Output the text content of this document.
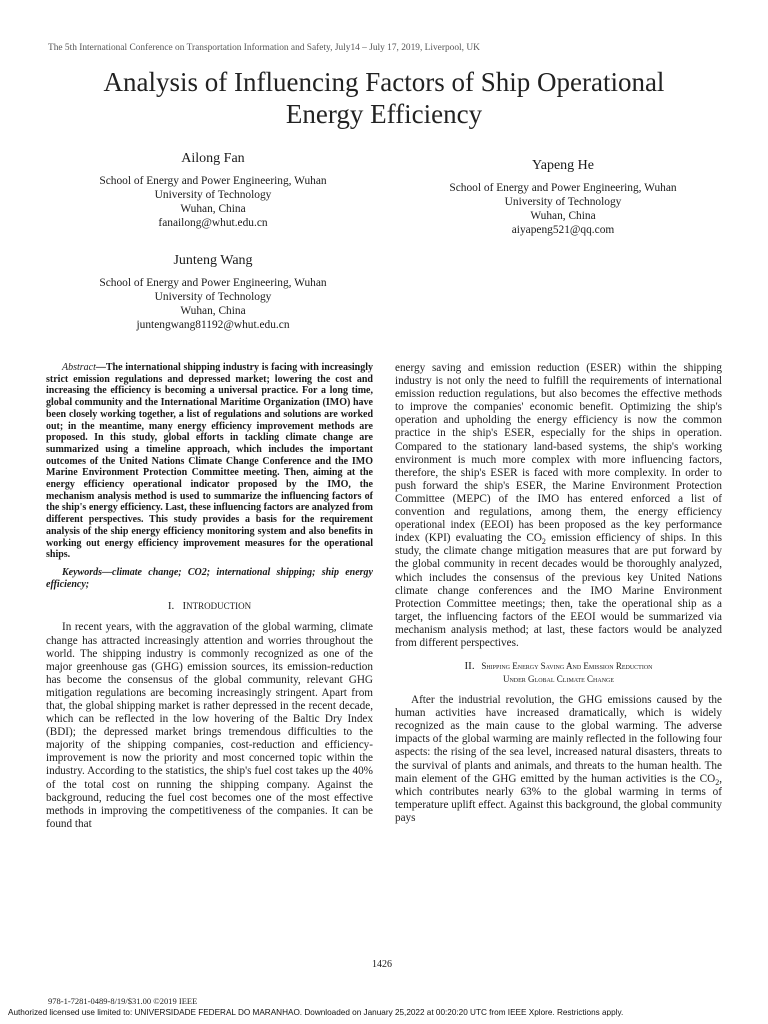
The 5th International Conference on Transportation Information and Safety, July14 – July 17, 2019, Liverpool, UK
Analysis of Influencing Factors of Ship Operational
Energy Efficiency
Ailong Fan
School of Energy and Power Engineering, Wuhan
University of Technology
Wuhan, China
fanailong@whut.edu.cn
Yapeng He
School of Energy and Power Engineering, Wuhan
University of Technology
Wuhan, China
aiyapeng521@qq.com
Junteng Wang
School of Energy and Power Engineering, Wuhan
University of Technology
Wuhan, China
juntengwang81192@whut.edu.cn

Abstract—The international shipping industry is facing with increasingly strict emission regulations and depressed market; lowering the cost and increasing the efficiency is becoming a universal practice. For a long time, global community and the International Maritime Organization (IMO) have been closely working together, a list of regulations and solutions are worked out; in the meantime, many energy efficiency improvement methods are proposed. In this study, global efforts in tackling climate change are summarized using a timeline approach, which includes the important outcomes of the United Nations Climate Change Conference and the IMO Marine Environment Protection Committee meeting. Then, aiming at the energy efficiency operational indicator proposed by the IMO, the mechanism analysis method is used to summarize the influencing factors of the ship's energy efficiency. Last, these influencing factors are analyzed from different perspectives. This study provides a basis for the requirement analysis of the ship energy efficiency monitoring system and also benefits in working out energy efficiency improvement measures for the operational ships.

Keywords—climate change; CO2; international shipping; ship energy efficiency;

I. INTRODUCTION

In recent years, with the aggravation of the global warming, climate change has attracted increasingly attention and worries throughout the world. The shipping industry is commonly recognized as one of the major greenhouse gas (GHG) emission sources, its emission-reduction has become the consensus of the global community, relevant GHG mitigation regulations are becoming increasingly stringent. Apart from that, the global shipping market is rather depressed in the recent decade, which can be reflected in the low hovering of the Baltic Dry Index (BDI); the depressed market brings tremendous difficulties to the majority of the shipping companies, cost-reduction and efficiency-improvement is now the priority and most concerned topic within the industry. According to the statistics, the ship's fuel cost takes up the 40% of the total cost on running the shipping company. Against the background, reducing the fuel cost becomes one of the most effective methods in improving the competitiveness of the companies. It can be found that

energy saving and emission reduction (ESER) within the shipping industry is not only the need to fulfill the requirements of international emission reduction regulations, but also becomes the effective methods to improve the companies' economic benefit. Optimizing the ship's operation and upholding the energy efficiency is now the common practice in the ship's ESER, especially for the ships in operation. Compared to the stationary land-based systems, the ship's working environment is much more complex with more influencing factors, therefore, the ship's ESER is faced with more complexity. In order to push forward the ship's ESER, the Marine Environment Protection Committee (MEPC) of the IMO has entered enforced a list of convention and regulations, among them, the energy efficiency operational index (EEOI) has been proposed as the key performance index (KPI) evaluating the $CO_2$ emission efficiency of ships. In this study, the climate change mitigation measures that are put forward by the global community in recent decades would be thoroughly analyzed, which includes the consensus of the previous key United Nations climate change conferences and the IMO Marine Environment Protection Committee meetings; then, take the operational ship as a target, the influencing factors of the EEOI would be summarized via mechanism analysis method; at last, these factors would be analyzed from different perspectives.

II. Shipping Energy Saving And Emission Reduction
Under Global Climate Change

After the industrial revolution, the GHG emissions caused by the human activities have increased dramatically, which is widely recognized as the main cause to the global warming. The adverse impacts of the global warming are mainly reflected in the following four aspects: the rising of the sea level, increased natural disasters, threats to the survival of plants and animals, and threats to the human health. The main element of the GHG emitted by the human activities is the $CO_2$, which contributes nearly 63% to the global warming in terms of temperature uplift effect. Against this background, the global community pays

1426
978-1-7281-0489-8/19/$31.00 ©2019 IEEE
Authorized licensed use limited to: UNIVERSIDADE FEDERAL DO MARANHAO. Downloaded on January 25,2022 at 00:20:20 UTC from IEEE Xplore. Restrictions apply.
